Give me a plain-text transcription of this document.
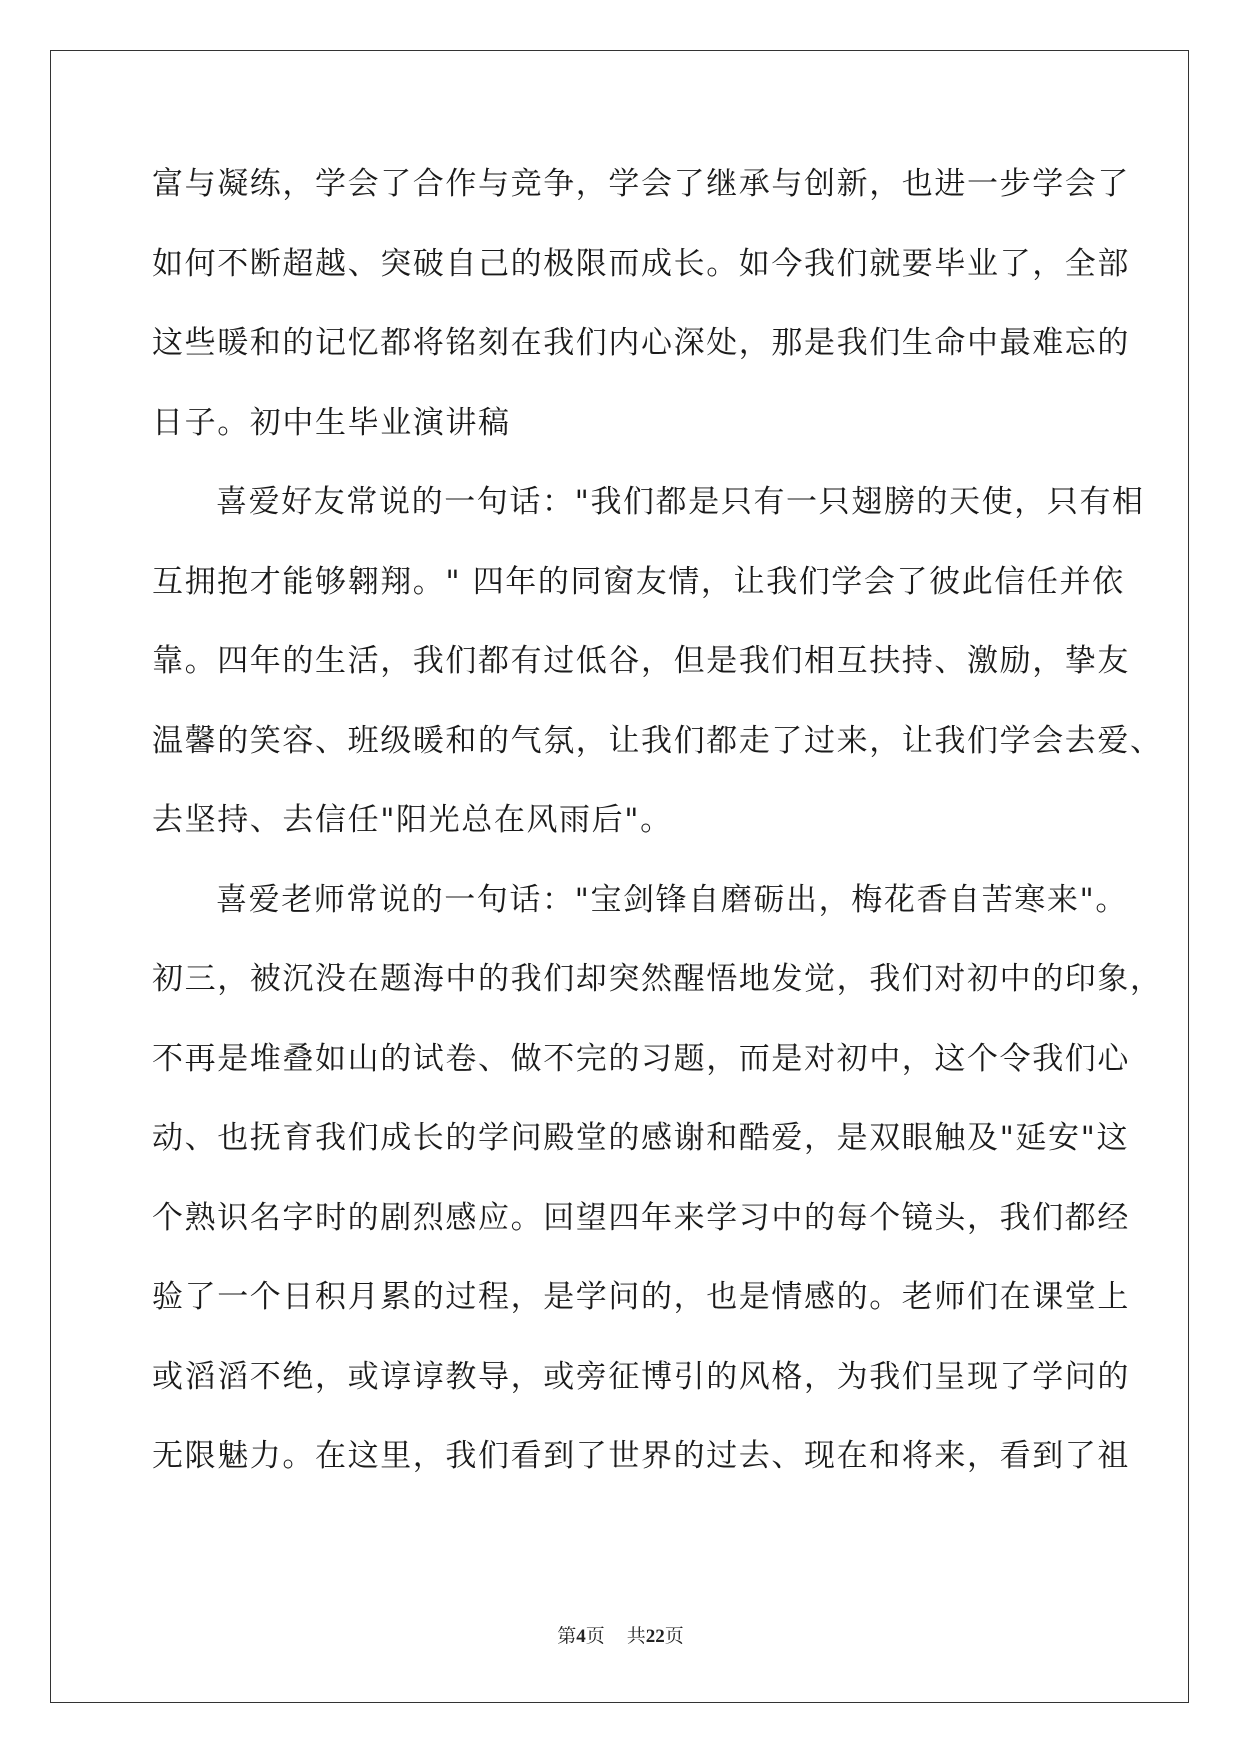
富与凝练，学会了合作与竞争，学会了继承与创新，也进一步学会了
如何不断超越、突破自己的极限而成长。如今我们就要毕业了，全部
这些暖和的记忆都将铭刻在我们内心深处，那是我们生命中最难忘的
日子。初中生毕业演讲稿
喜爱好友常说的一句话："我们都是只有一只翅膀的天使，只有相
互拥抱才能够翱翔。" 四年的同窗友情，让我们学会了彼此信任并依
靠。四年的生活，我们都有过低谷，但是我们相互扶持、激励，挚友
温馨的笑容、班级暖和的气氛，让我们都走了过来，让我们学会去爱、
去坚持、去信任"阳光总在风雨后"。
喜爱老师常说的一句话："宝剑锋自磨砺出，梅花香自苦寒来"。
初三，被沉没在题海中的我们却突然醒悟地发觉，我们对初中的印象，
不再是堆叠如山的试卷、做不完的习题，而是对初中，这个令我们心
动、也抚育我们成长的学问殿堂的感谢和酷爱，是双眼触及"延安"这
个熟识名字时的剧烈感应。回望四年来学习中的每个镜头，我们都经
验了一个日积月累的过程，是学问的，也是情感的。老师们在课堂上
或滔滔不绝，或谆谆教导，或旁征博引的风格，为我们呈现了学问的
无限魅力。在这里，我们看到了世界的过去、现在和将来，看到了祖
第4页 共22页
